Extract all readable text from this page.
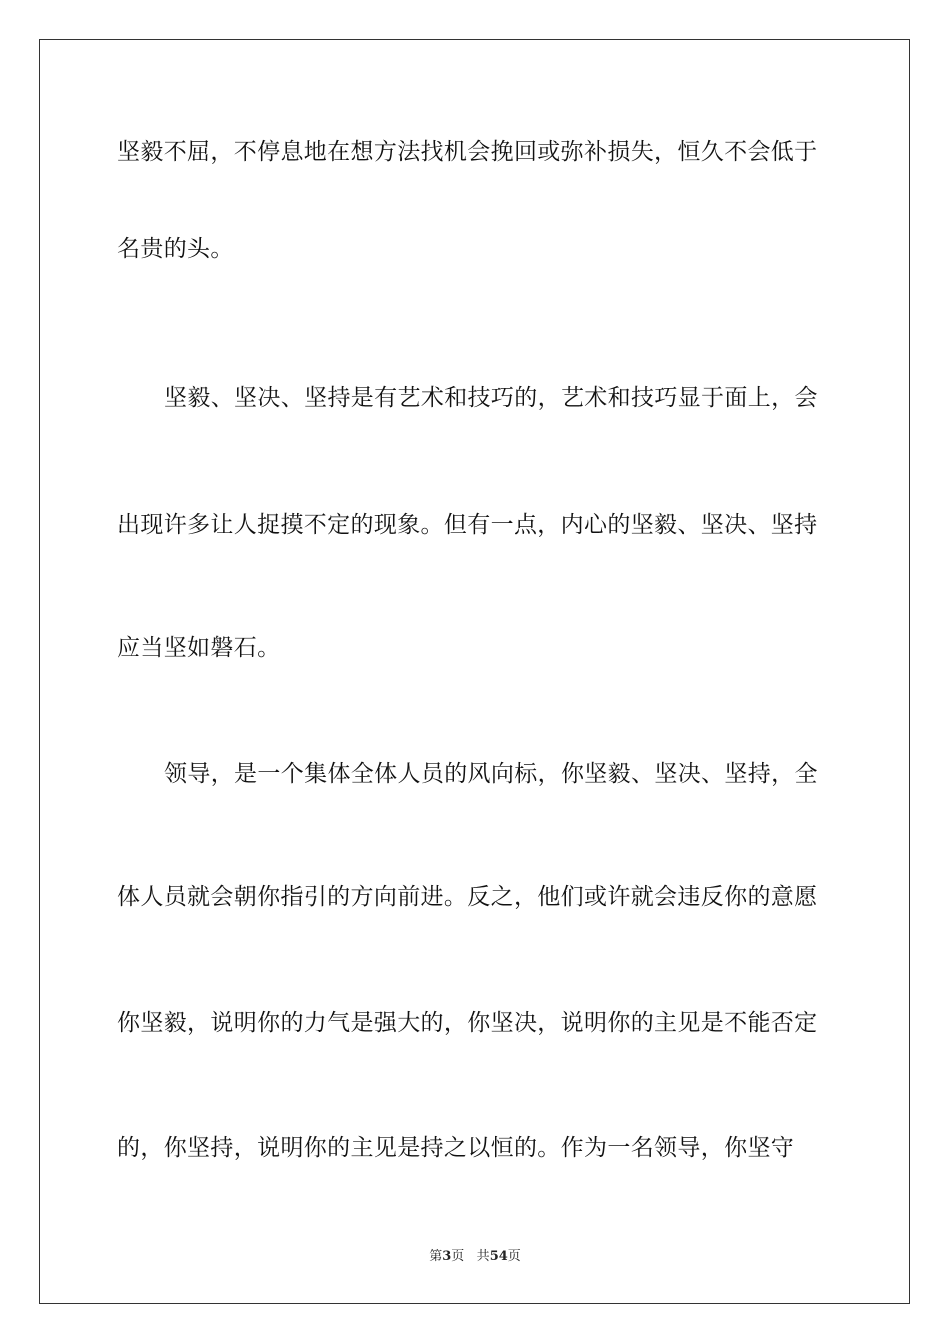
坚毅不屈，不停息地在想方法找机会挽回或弥补损失，恒久不会低于
名贵的头。
坚毅、坚决、坚持是有艺术和技巧的，艺术和技巧显于面上，会
出现许多让人捉摸不定的现象。但有一点，内心的坚毅、坚决、坚持
应当坚如磐石。
领导，是一个集体全体人员的风向标，你坚毅、坚决、坚持，全
体人员就会朝你指引的方向前进。反之，他们或许就会违反你的意愿
你坚毅，说明你的力气是强大的，你坚决，说明你的主见是不能否定
的，你坚持，说明你的主见是持之以恒的。作为一名领导，你坚守
第3页 共54页
